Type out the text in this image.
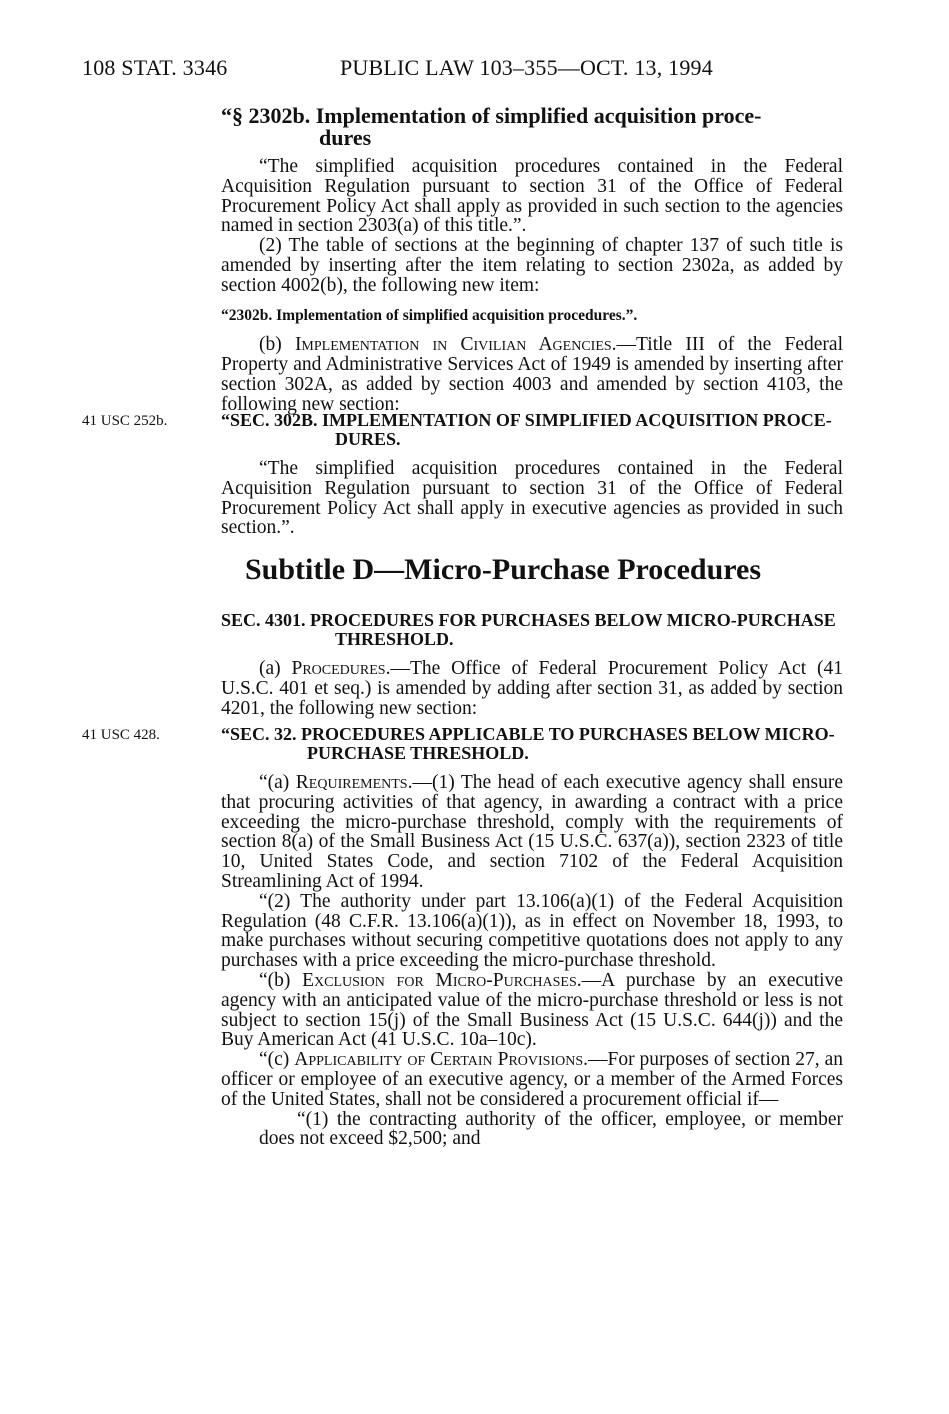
108 STAT. 3346	PUBLIC LAW 103–355—OCT. 13, 1994

“§ 2302b. Implementation of simplified acquisition proce-
dures

“The simplified acquisition procedures contained in the Federal Acquisition Regulation pursuant to section 31 of the Office of Federal Procurement Policy Act shall apply as provided in such section to the agencies named in section 2303(a) of this title.”.

(2) The table of sections at the beginning of chapter 137 of such title is amended by inserting after the item relating to section 2302a, as added by section 4002(b), the following new item:

“2302b. Implementation of simplified acquisition procedures.”.

(b) Implementation in Civilian Agencies.—Title III of the Federal Property and Administrative Services Act of 1949 is amended by inserting after section 302A, as added by section 4003 and amended by section 4103, the following new section:

41 USC 252b.	“SEC. 302B. IMPLEMENTATION OF SIMPLIFIED ACQUISITION PROCE-
DURES.

“The simplified acquisition procedures contained in the Federal Acquisition Regulation pursuant to section 31 of the Office of Federal Procurement Policy Act shall apply in executive agencies as provided in such section.”.

Subtitle D—Micro-Purchase Procedures

SEC. 4301. PROCEDURES FOR PURCHASES BELOW MICRO-PURCHASE
THRESHOLD.

(a) Procedures.—The Office of Federal Procurement Policy Act (41 U.S.C. 401 et seq.) is amended by adding after section 31, as added by section 4201, the following new section:

41 USC 428.	“SEC. 32. PROCEDURES APPLICABLE TO PURCHASES BELOW MICRO-
PURCHASE THRESHOLD.

“(a) Requirements.—(1) The head of each executive agency shall ensure that procuring activities of that agency, in awarding a contract with a price exceeding the micro-purchase threshold, comply with the requirements of section 8(a) of the Small Business Act (15 U.S.C. 637(a)), section 2323 of title 10, United States Code, and section 7102 of the Federal Acquisition Streamlining Act of 1994.

“(2) The authority under part 13.106(a)(1) of the Federal Acquisition Regulation (48 C.F.R. 13.106(a)(1)), as in effect on November 18, 1993, to make purchases without securing competitive quotations does not apply to any purchases with a price exceeding the micro-purchase threshold.

“(b) Exclusion for Micro-Purchases.—A purchase by an executive agency with an anticipated value of the micro-purchase threshold or less is not subject to section 15(j) of the Small Business Act (15 U.S.C. 644(j)) and the Buy American Act (41 U.S.C. 10a–10c).

“(c) Applicability of Certain Provisions.—For purposes of section 27, an officer or employee of an executive agency, or a member of the Armed Forces of the United States, shall not be considered a procurement official if—

“(1) the contracting authority of the officer, employee, or member does not exceed $2,500; and
